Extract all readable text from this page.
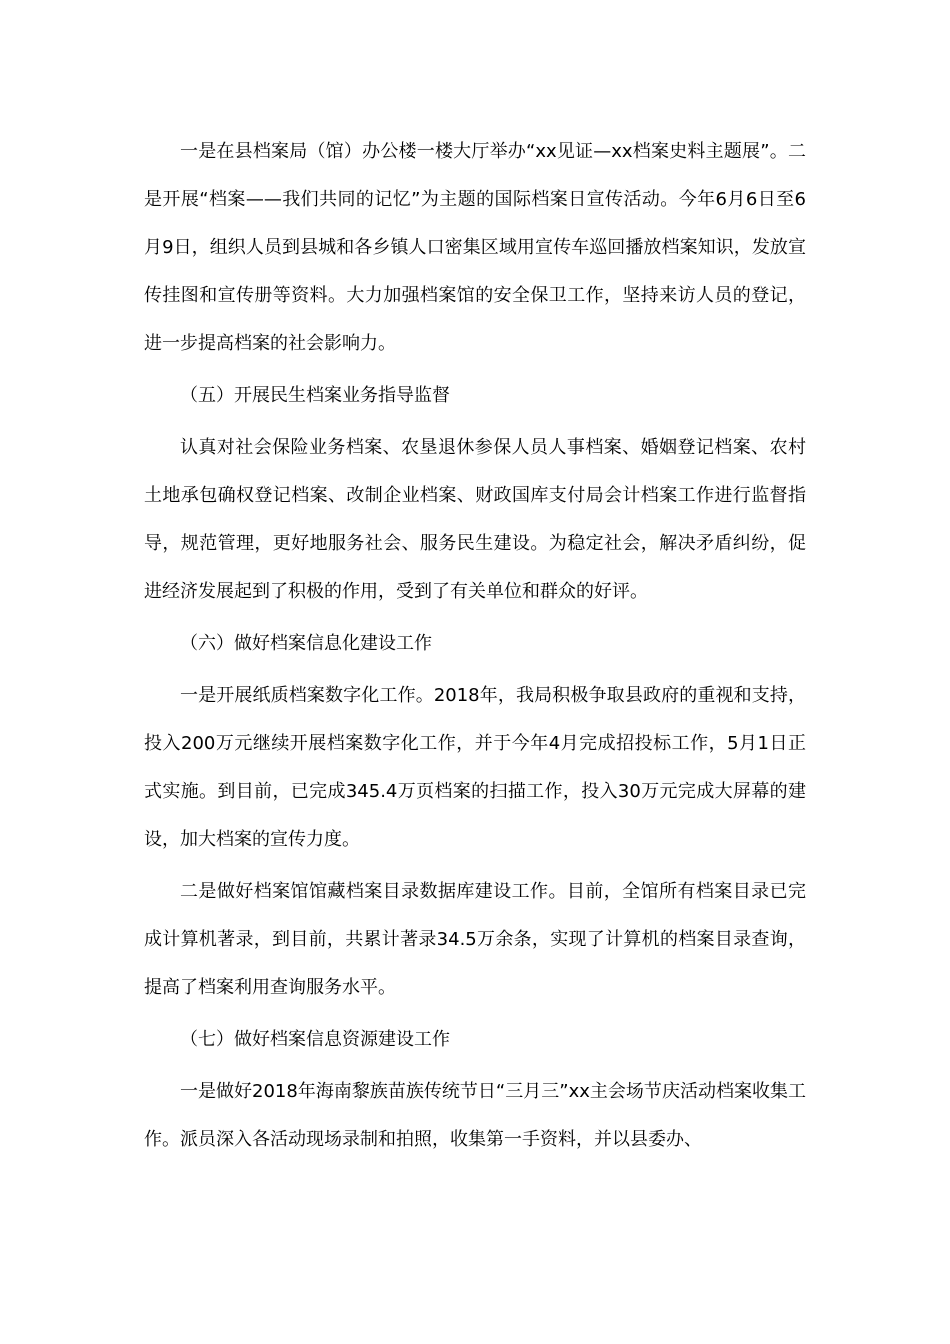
一是在县档案局（馆）办公楼一楼大厅举办“xx见证—xx档案史料主题展”。二是开展“档案——我们共同的记忆”为主题的国际档案日宣传活动。今年6月6日至6月9日，组织人员到县城和各乡镇人口密集区域用宣传车巡回播放档案知识，发放宣传挂图和宣传册等资料。大力加强档案馆的安全保卫工作，坚持来访人员的登记，进一步提高档案的社会影响力。

（五）开展民生档案业务指导监督

认真对社会保险业务档案、农垦退休参保人员人事档案、婚姻登记档案、农村土地承包确权登记档案、改制企业档案、财政国库支付局会计档案工作进行监督指导，规范管理，更好地服务社会、服务民生建设。为稳定社会，解决矛盾纠纷，促进经济发展起到了积极的作用，受到了有关单位和群众的好评。

（六）做好档案信息化建设工作

一是开展纸质档案数字化工作。2018年，我局积极争取县政府的重视和支持，投入200万元继续开展档案数字化工作，并于今年4月完成招投标工作，5月1日正式实施。到目前，已完成345.4万页档案的扫描工作，投入30万元完成大屏幕的建设，加大档案的宣传力度。

二是做好档案馆馆藏档案目录数据库建设工作。目前，全馆所有档案目录已完成计算机著录，到目前，共累计著录34.5万余条，实现了计算机的档案目录查询，提高了档案利用查询服务水平。

（七）做好档案信息资源建设工作

一是做好2018年海南黎族苗族传统节日“三月三”xx主会场节庆活动档案收集工作。派员深入各活动现场录制和拍照，收集第一手资料，并以县委办、
